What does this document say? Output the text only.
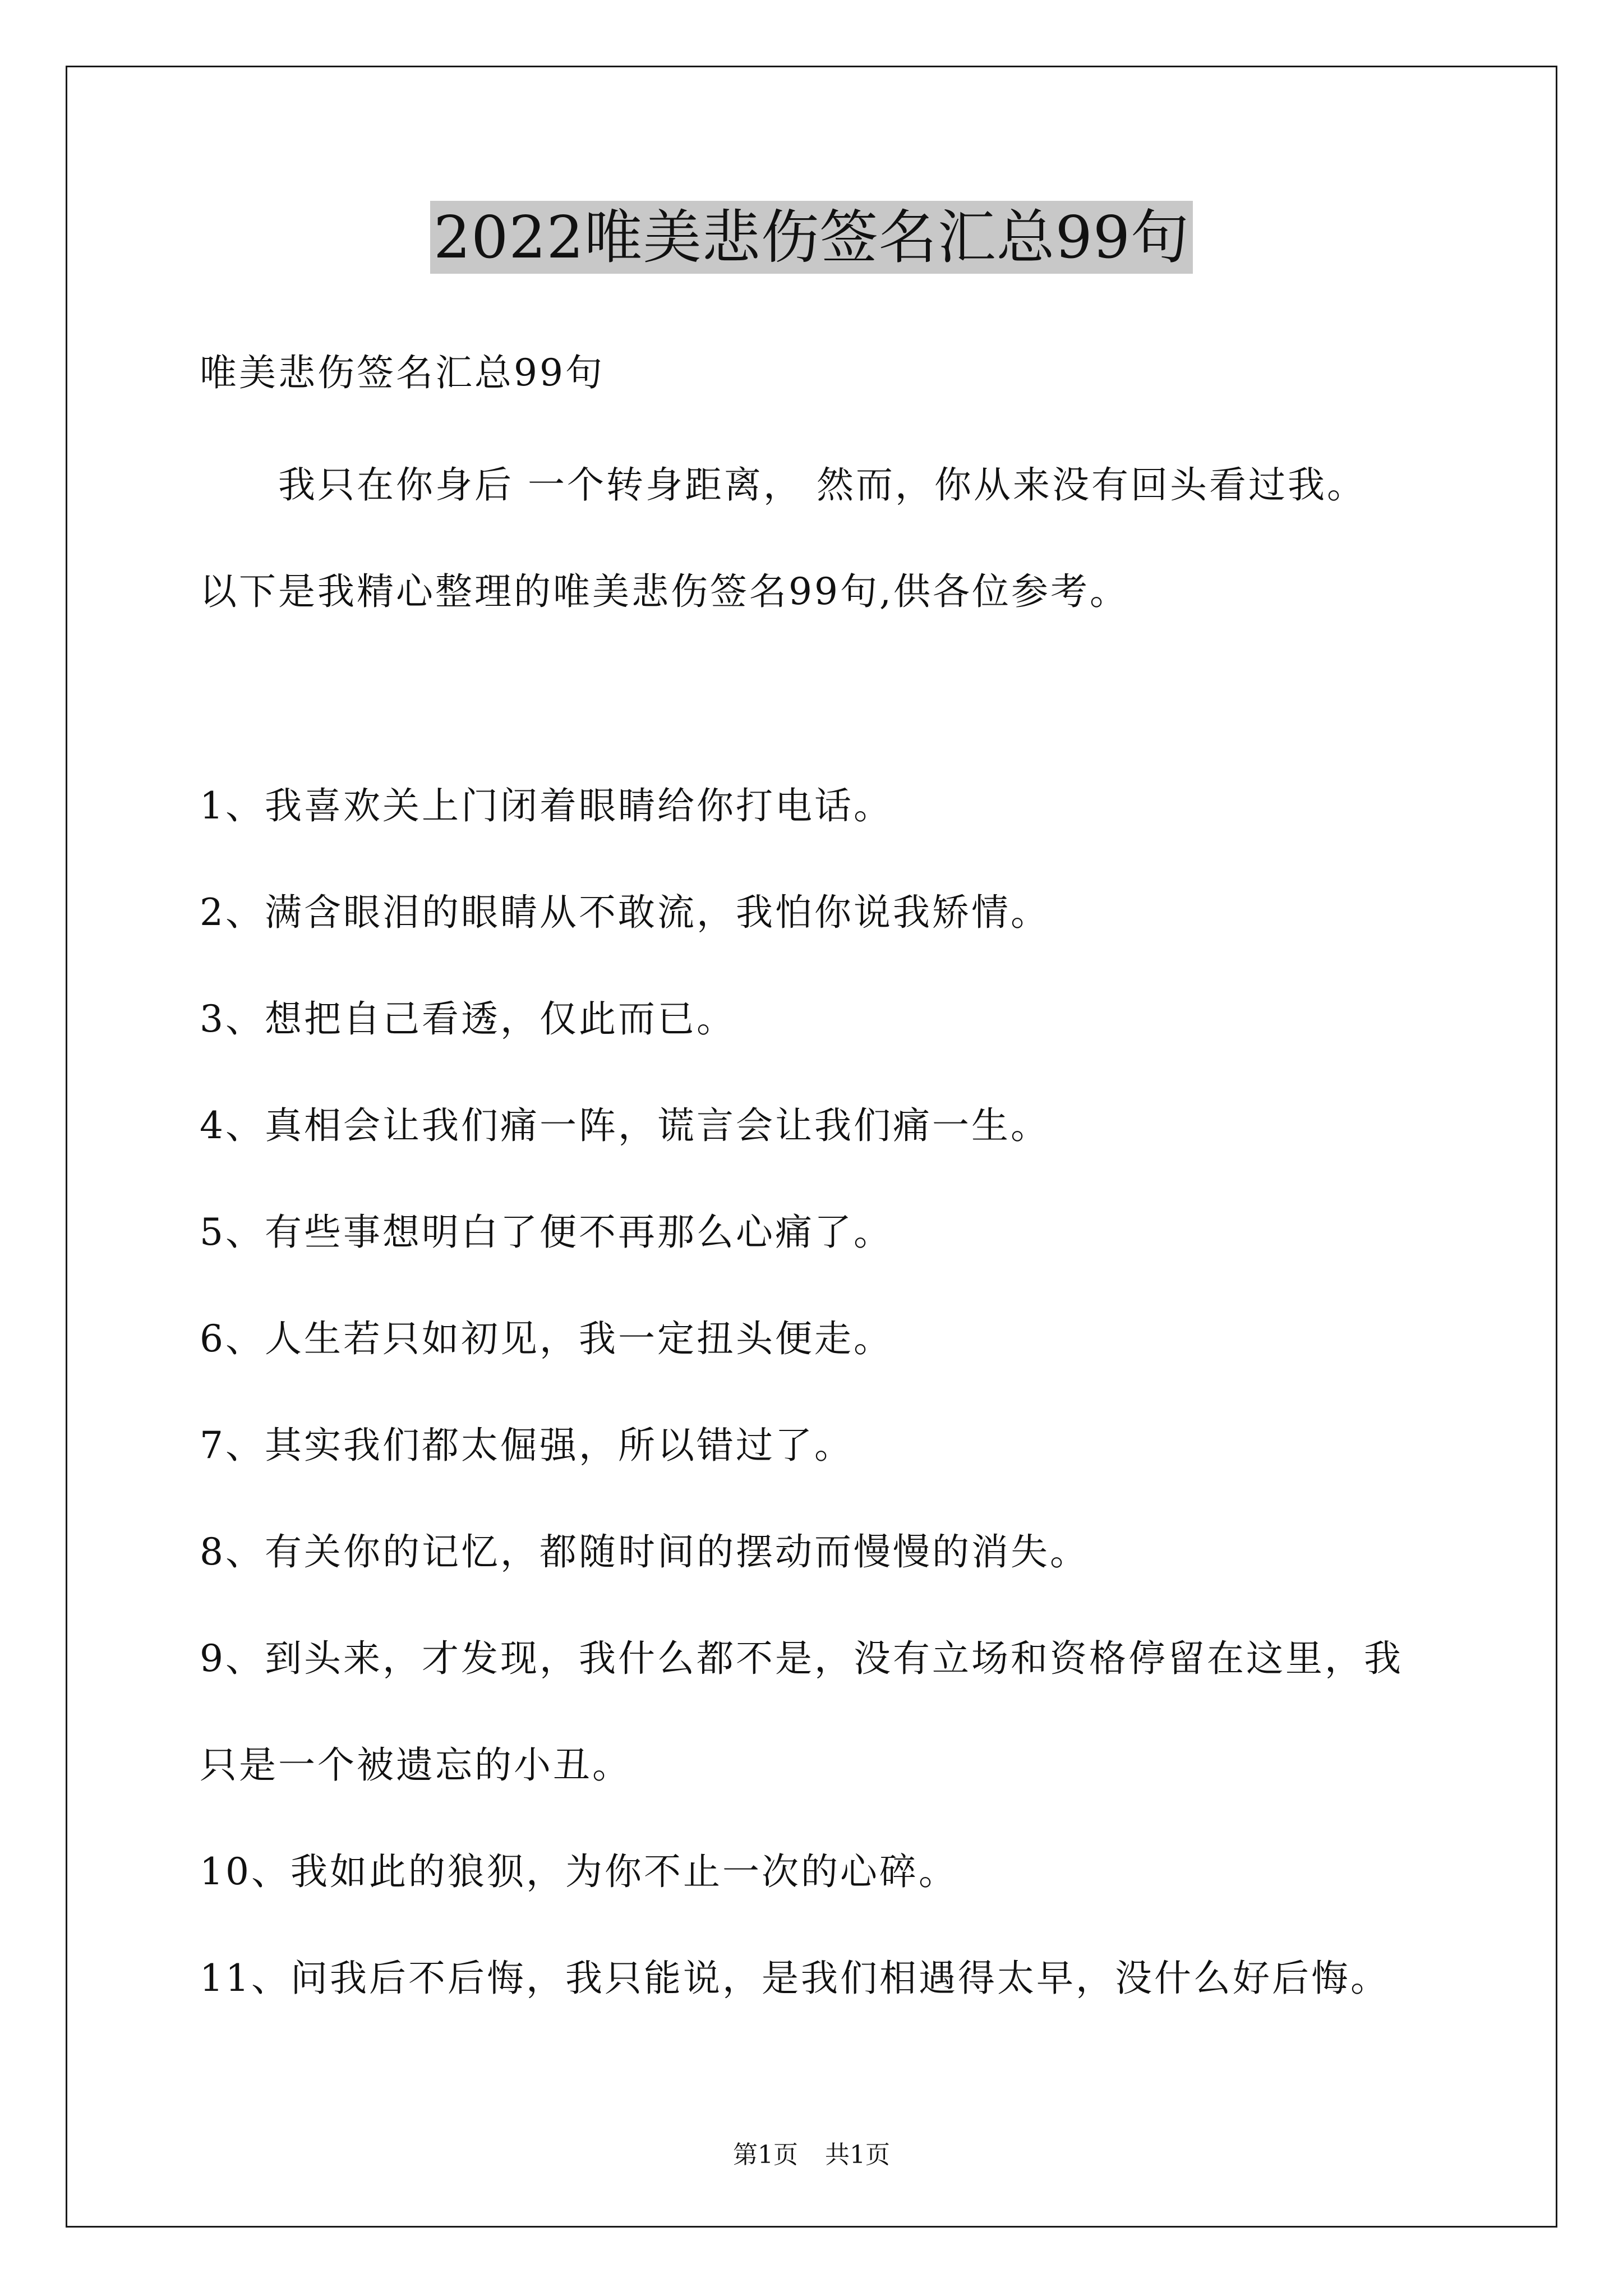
2022唯美悲伤签名汇总99句
唯美悲伤签名汇总99句
我只在你身后 一个转身距离， 然而，你从来没有回头看过我。
以下是我精心整理的唯美悲伤签名99句,供各位参考。
1、我喜欢关上门闭着眼睛给你打电话。
2、满含眼泪的眼睛从不敢流，我怕你说我矫情。
3、想把自己看透，仅此而已。
4、真相会让我们痛一阵，谎言会让我们痛一生。
5、有些事想明白了便不再那么心痛了。
6、人生若只如初见，我一定扭头便走。
7、其实我们都太倔强，所以错过了。
8、有关你的记忆，都随时间的摆动而慢慢的消失。
9、到头来，才发现，我什么都不是，没有立场和资格停留在这里，我
只是一个被遗忘的小丑。
10、我如此的狼狈，为你不止一次的心碎。
11、问我后不后悔，我只能说，是我们相遇得太早，没什么好后悔。
第1页 共1页
